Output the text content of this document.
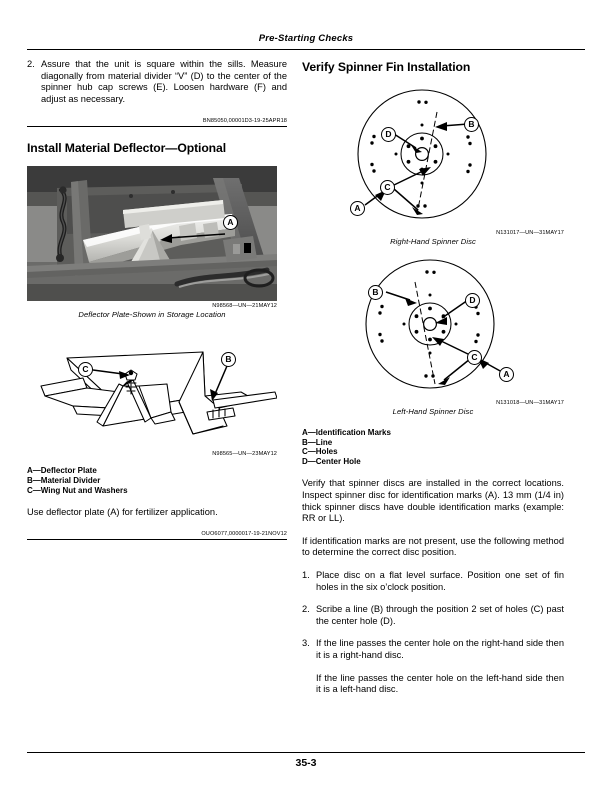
Pre-Starting Checks
2. Assure that the unit is square within the sills. Measure diagonally from material divider “V” (D) to the center of the spinner hub cap screws (E). Loosen hardware (F) and adjust as necessary.
BN85050,00001D3-19-25APR18
Install Material Deflector—Optional
A
N98568—UN—21MAY12
Deflector Plate-Shown in Storage Location
C
B
N98565—UN—23MAY12
A—Deflector Plate
B—Material Divider
C—Wing Nut and Washers
Use deflector plate (A) for fertilizer application.
OUO6077,0000017-19-21NOV12
Verify Spinner Fin Installation
B
D
C
A
N131017—UN—31MAY17
Right-Hand Spinner Disc
B
D
C
A
N131018—UN—31MAY17
Left-Hand Spinner Disc
A—Identification Marks
B—Line
C—Holes
D—Center Hole
Verify that spinner discs are installed in the correct locations. Inspect spinner disc for identification marks (A). 13 mm (1/4 in) thick spinner discs have double identification marks (example: RR or LL).
If identification marks are not present, use the following method to determine the correct disc position.
1. Place disc on a flat level surface. Position one set of fin holes in the six o’clock position.
2. Scribe a line (B) through the position 2 set of holes (C) past the center hole (D).
3. If the line passes the center hole on the right-hand side then it is a right-hand disc.
If the line passes the center hole on the left-hand side then it is a left-hand disc.
35-3
